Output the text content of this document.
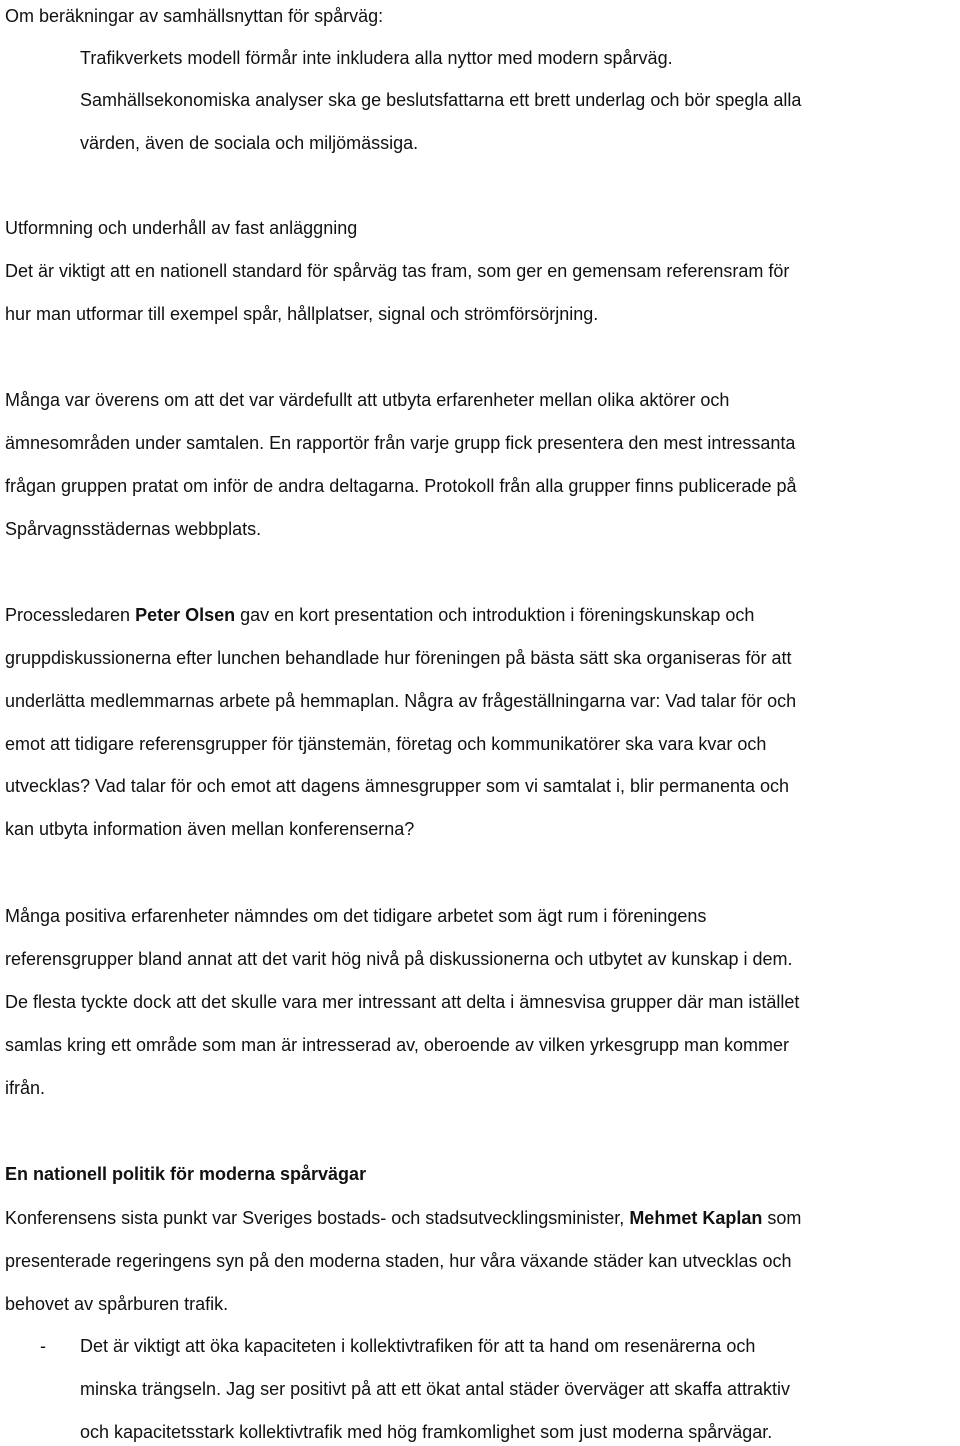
Om beräkningar av samhällsnyttan för spårväg:
Trafikverkets modell förmår inte inkludera alla nyttor med modern spårväg.
Samhällsekonomiska analyser ska ge beslutsfattarna ett brett underlag och bör spegla alla
värden, även de sociala och miljömässiga.
Utformning och underhåll av fast anläggning
Det är viktigt att en nationell standard för spårväg tas fram, som ger en gemensam referensram för
hur man utformar till exempel spår, hållplatser, signal och strömförsörjning.
Många var överens om att det var värdefullt att utbyta erfarenheter mellan olika aktörer och
ämnesområden under samtalen. En rapportör från varje grupp fick presentera den mest intressanta
frågan gruppen pratat om inför de andra deltagarna. Protokoll från alla grupper finns publicerade på
Spårvagnsstädernas webbplats.
Processledaren Peter Olsen gav en kort presentation och introduktion i föreningskunskap och
gruppdiskussionerna efter lunchen behandlade hur föreningen på bästa sätt ska organiseras för att
underlätta medlemmarnas arbete på hemmaplan. Några av frågeställningarna var: Vad talar för och
emot att tidigare referensgrupper för tjänstemän, företag och kommunikatörer ska vara kvar och
utvecklas? Vad talar för och emot att dagens ämnesgrupper som vi samtalat i, blir permanenta och
kan utbyta information även mellan konferenserna?
Många positiva erfarenheter nämndes om det tidigare arbetet som ägt rum i föreningens
referensgrupper bland annat att det varit hög nivå på diskussionerna och utbytet av kunskap i dem.
De flesta tyckte dock att det skulle vara mer intressant att delta i ämnesvisa grupper där man istället
samlas kring ett område som man är intresserad av, oberoende av vilken yrkesgrupp man kommer
ifrån.
En nationell politik för moderna spårvägar
Konferensens sista punkt var Sveriges bostads- och stadsutvecklingsminister, Mehmet Kaplan som
presenterade regeringens syn på den moderna staden, hur våra växande städer kan utvecklas och
behovet av spårburen trafik.
- Det är viktigt att öka kapaciteten i kollektivtrafiken för att ta hand om resenärerna och
minska trängseln. Jag ser positivt på att ett ökat antal städer överväger att skaffa attraktiv
och kapacitetsstark kollektivtrafik med hög framkomlighet som just moderna spårvägar.
